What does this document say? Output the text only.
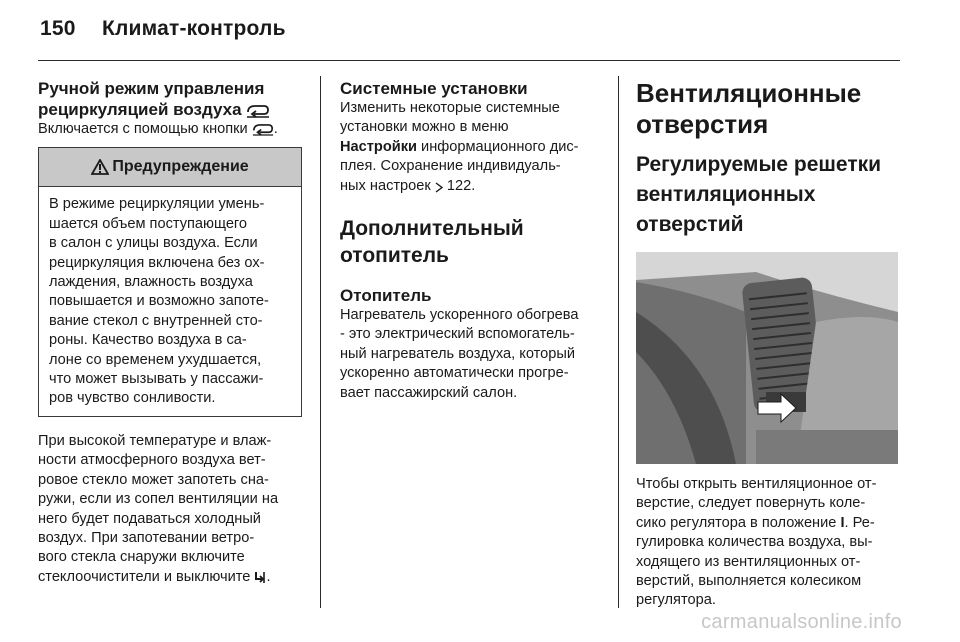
150 Климат-контроль

Ручной режим управления рециркуляцией воздуха

Включается с помощью кнопки .

Предупреждение
В режиме рециркуляции умень-
шается объем поступающего
в салон с улицы воздуха. Если
рециркуляция включена без ох-
лаждения, влажность воздуха
повышается и возможно запоте-
вание стекол с внутренней сто-
роны. Качество воздуха в са-
лоне со временем ухудшается,
что может вызывать у пассажи-
ров чувство сонливости.

При высокой температуре и влаж-
ности атмосферного воздуха вет-
ровое стекло может запотеть сна-
ружи, если из сопел вентиляции на
него будет подаваться холодный
воздух. При запотевании ветро-
вого стекла снаружи включите
стеклоочистители и выключите .

Системные установки

Изменить некоторые системные
установки можно в меню
Настройки информационного дис-
плея. Сохранение индивидуаль-
ных настроек 122.

Дополнительный отопитель

Отопитель

Нагреватель ускоренного обогрева
- это электрический вспомогатель-
ный нагреватель воздуха, который
ускоренно автоматически прогре-
вает пассажирский салон.

Вентиляционные отверстия

Регулируемые решетки вентиляционных отверстий

Чтобы открыть вентиляционное от-
верстие, следует повернуть коле-
сико регулятора в положение I. Ре-
гулировка количества воздуха, вы-
ходящего из вентиляционных от-
верстий, выполняется колесиком
регулятора.

carmanualsonline.info
